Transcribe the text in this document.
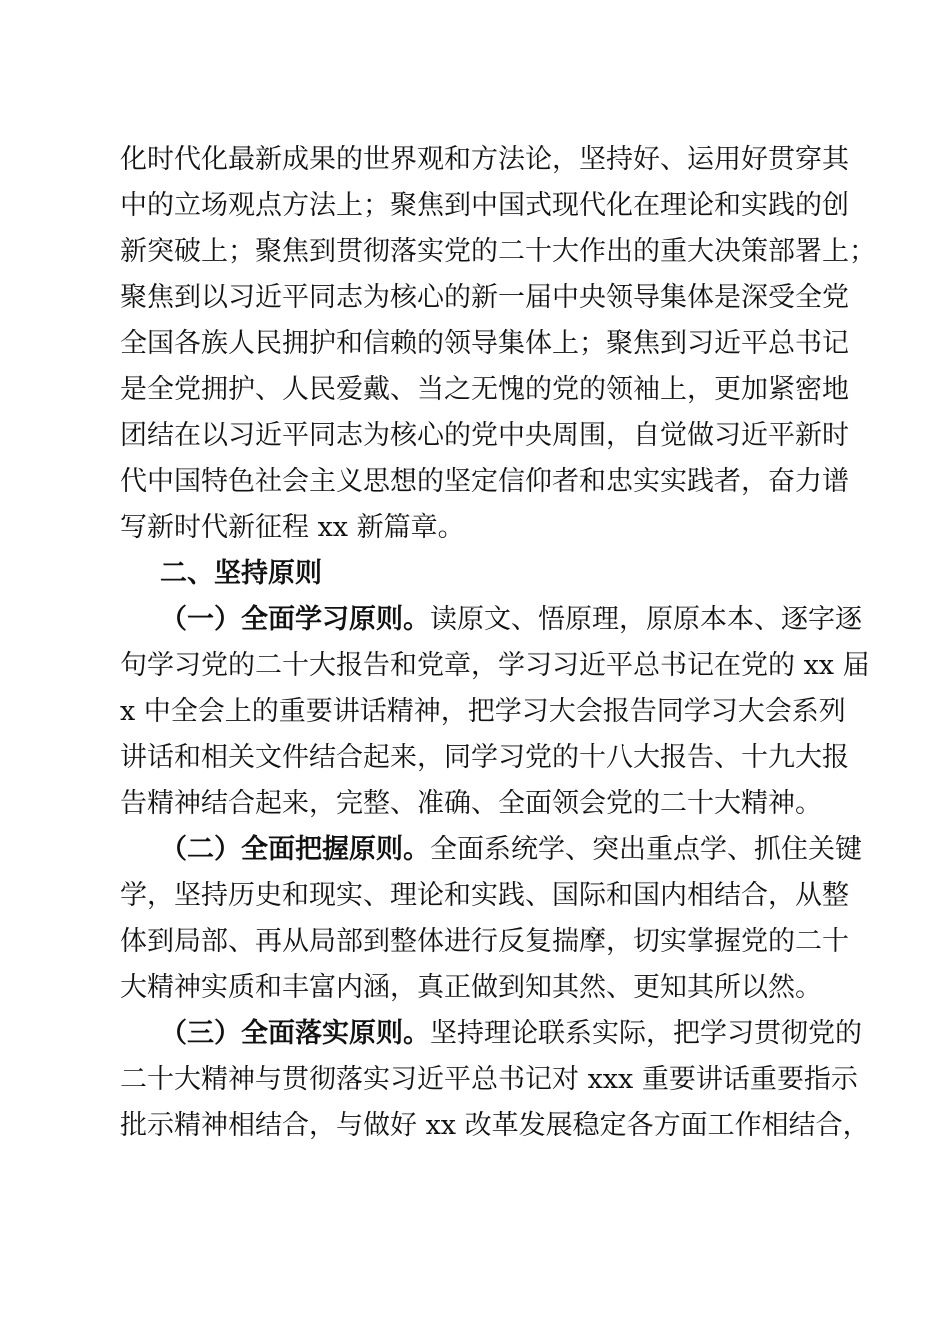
化时代化最新成果的世界观和方法论，坚持好、运用好贯穿其
中的立场观点方法上；聚焦到中国式现代化在理论和实践的创
新突破上；聚焦到贯彻落实党的二十大作出的重大决策部署上；
聚焦到以习近平同志为核心的新一届中央领导集体是深受全党
全国各族人民拥护和信赖的领导集体上；聚焦到习近平总书记
是全党拥护、人民爱戴、当之无愧的党的领袖上，更加紧密地
团结在以习近平同志为核心的党中央周围，自觉做习近平新时
代中国特色社会主义思想的坚定信仰者和忠实实践者，奋力谱
写新时代新征程 xx 新篇章。
二、坚持原则
（一）全面学习原则。读原文、悟原理，原原本本、逐字逐
句学习党的二十大报告和党章，学习习近平总书记在党的 xx 届
x 中全会上的重要讲话精神，把学习大会报告同学习大会系列
讲话和相关文件结合起来，同学习党的十八大报告、十九大报
告精神结合起来，完整、准确、全面领会党的二十大精神。
（二）全面把握原则。全面系统学、突出重点学、抓住关键
学，坚持历史和现实、理论和实践、国际和国内相结合，从整
体到局部、再从局部到整体进行反复揣摩，切实掌握党的二十
大精神实质和丰富内涵，真正做到知其然、更知其所以然。
（三）全面落实原则。坚持理论联系实际，把学习贯彻党的
二十大精神与贯彻落实习近平总书记对 xxx 重要讲话重要指示
批示精神相结合，与做好 xx 改革发展稳定各方面工作相结合，
